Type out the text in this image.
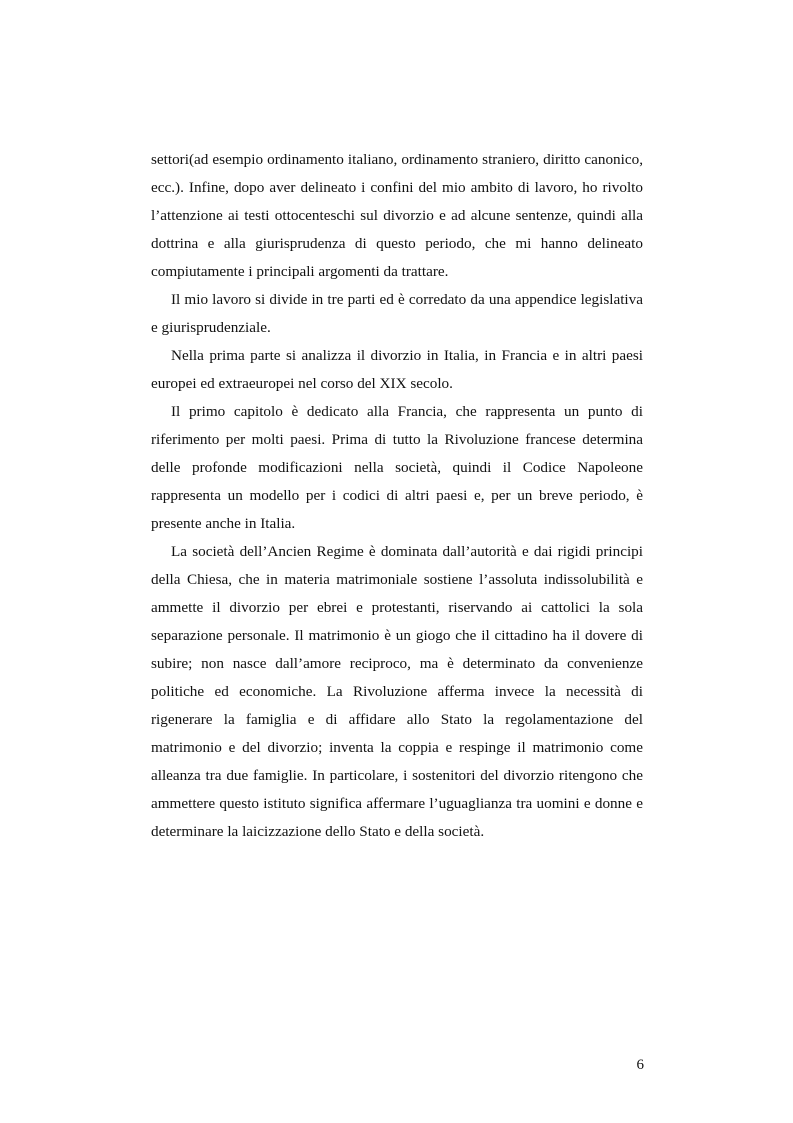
settori(ad esempio ordinamento italiano, ordinamento straniero, diritto canonico, ecc.). Infine, dopo aver delineato i confini del mio ambito di lavoro, ho rivolto l’attenzione ai testi ottocenteschi sul divorzio e ad alcune sentenze, quindi alla dottrina e alla giurisprudenza di questo periodo, che mi hanno delineato compiutamente i principali argomenti da trattare.

Il mio lavoro si divide in tre parti ed è corredato da una appendice legislativa e giurisprudenziale.

Nella prima parte si analizza il divorzio in Italia, in Francia e in altri paesi europei ed extraeuropei nel corso del XIX secolo.

Il primo capitolo è dedicato alla Francia, che rappresenta un punto di riferimento per molti paesi. Prima di tutto la Rivoluzione francese determina delle profonde modificazioni nella società, quindi il Codice Napoleone rappresenta un modello per i codici di altri paesi e, per un breve periodo, è presente anche in Italia.

La società dell’Ancien Regime è dominata dall’autorità e dai rigidi principi della Chiesa, che in materia matrimoniale sostiene l’assoluta indissolubilità e ammette il divorzio per ebrei e protestanti, riservando ai cattolici la sola separazione personale. Il matrimonio è un giogo che il cittadino ha il dovere di subire; non nasce dall’amore reciproco, ma è determinato da convenienze politiche ed economiche. La Rivoluzione afferma invece la necessità di rigenerare la famiglia e di affidare allo Stato la regolamentazione del matrimonio e del divorzio; inventa la coppia e respinge il matrimonio come alleanza tra due famiglie. In particolare, i sostenitori del divorzio ritengono che ammettere questo istituto significa affermare l’uguaglianza tra uomini e donne e determinare la laicizzazione dello Stato e della società.

6
